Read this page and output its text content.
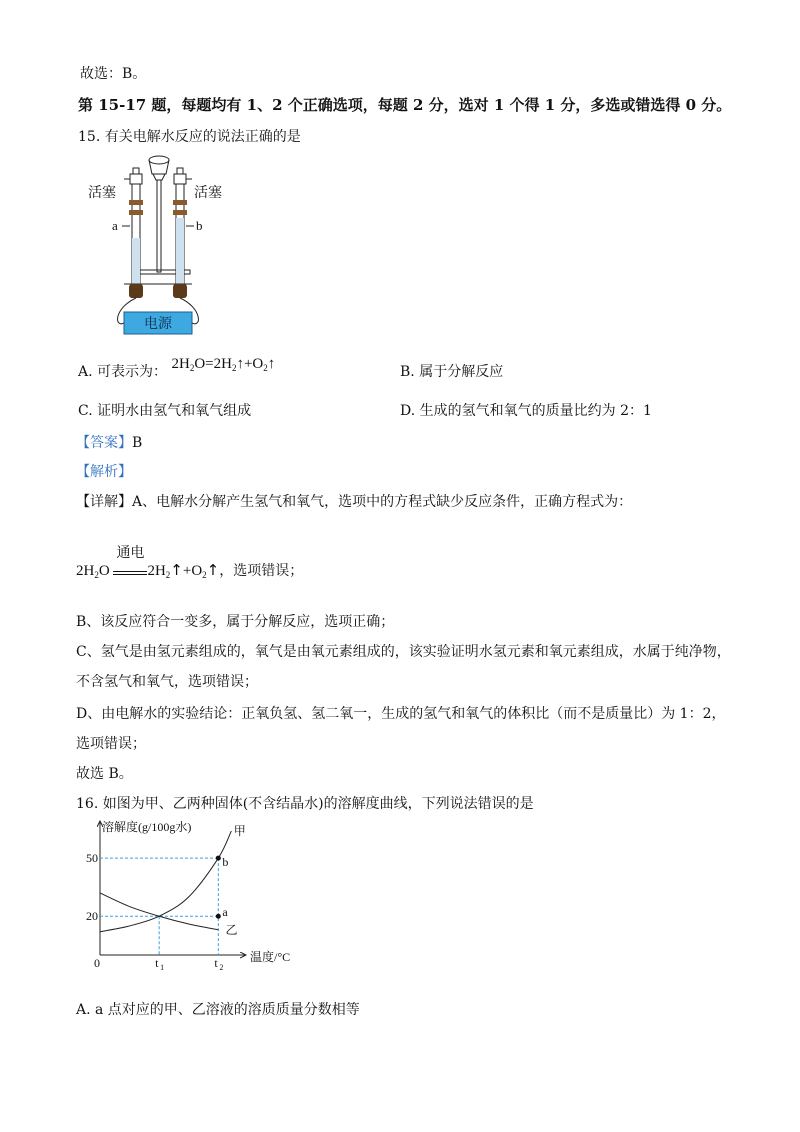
故选：B。
第 15-17 题，每题均有 1、2 个正确选项，每题 2 分，选对 1 个得 1 分，多选或错选得 0 分。
15. 有关电解水反应的说法正确的是
电源
活塞	活塞
a	b
A. 可表示为： $2H_2O=2H_2↑+O_2↑$	B. 属于分解反应
C. 证明水由氢气和氧气组成	D. 生成的氢气和氧气的质量比约为 2：1
【答案】B
【解析】
【详解】A、电解水分解产生氢气和氧气，选项中的方程式缺少反应条件，正确方程式为：
$2H_2O$
通电
$2H_2↑+O_2↑$，选项错误；
B、该反应符合一变多，属于分解反应，选项正确；
C、氢气是由氢元素组成的，氧气是由氧元素组成的，该实验证明水氢元素和氧元素组成，水属于纯净物，
不含氢气和氧气，选项错误；
D、由电解水的实验结论：正氧负氢、氢二氧一，生成的氢气和氧气的体积比（而不是质量比）为 1：2，
选项错误；
故选 B。
16. 如图为甲、乙两种固体(不含结晶水)的溶解度曲线，下列说法错误的是
溶解度(g/100g水)
温度/°C
0
甲
乙
50
20
t 1	t 2
b
a
A. a 点对应的甲、乙溶液的溶质质量分数相等
